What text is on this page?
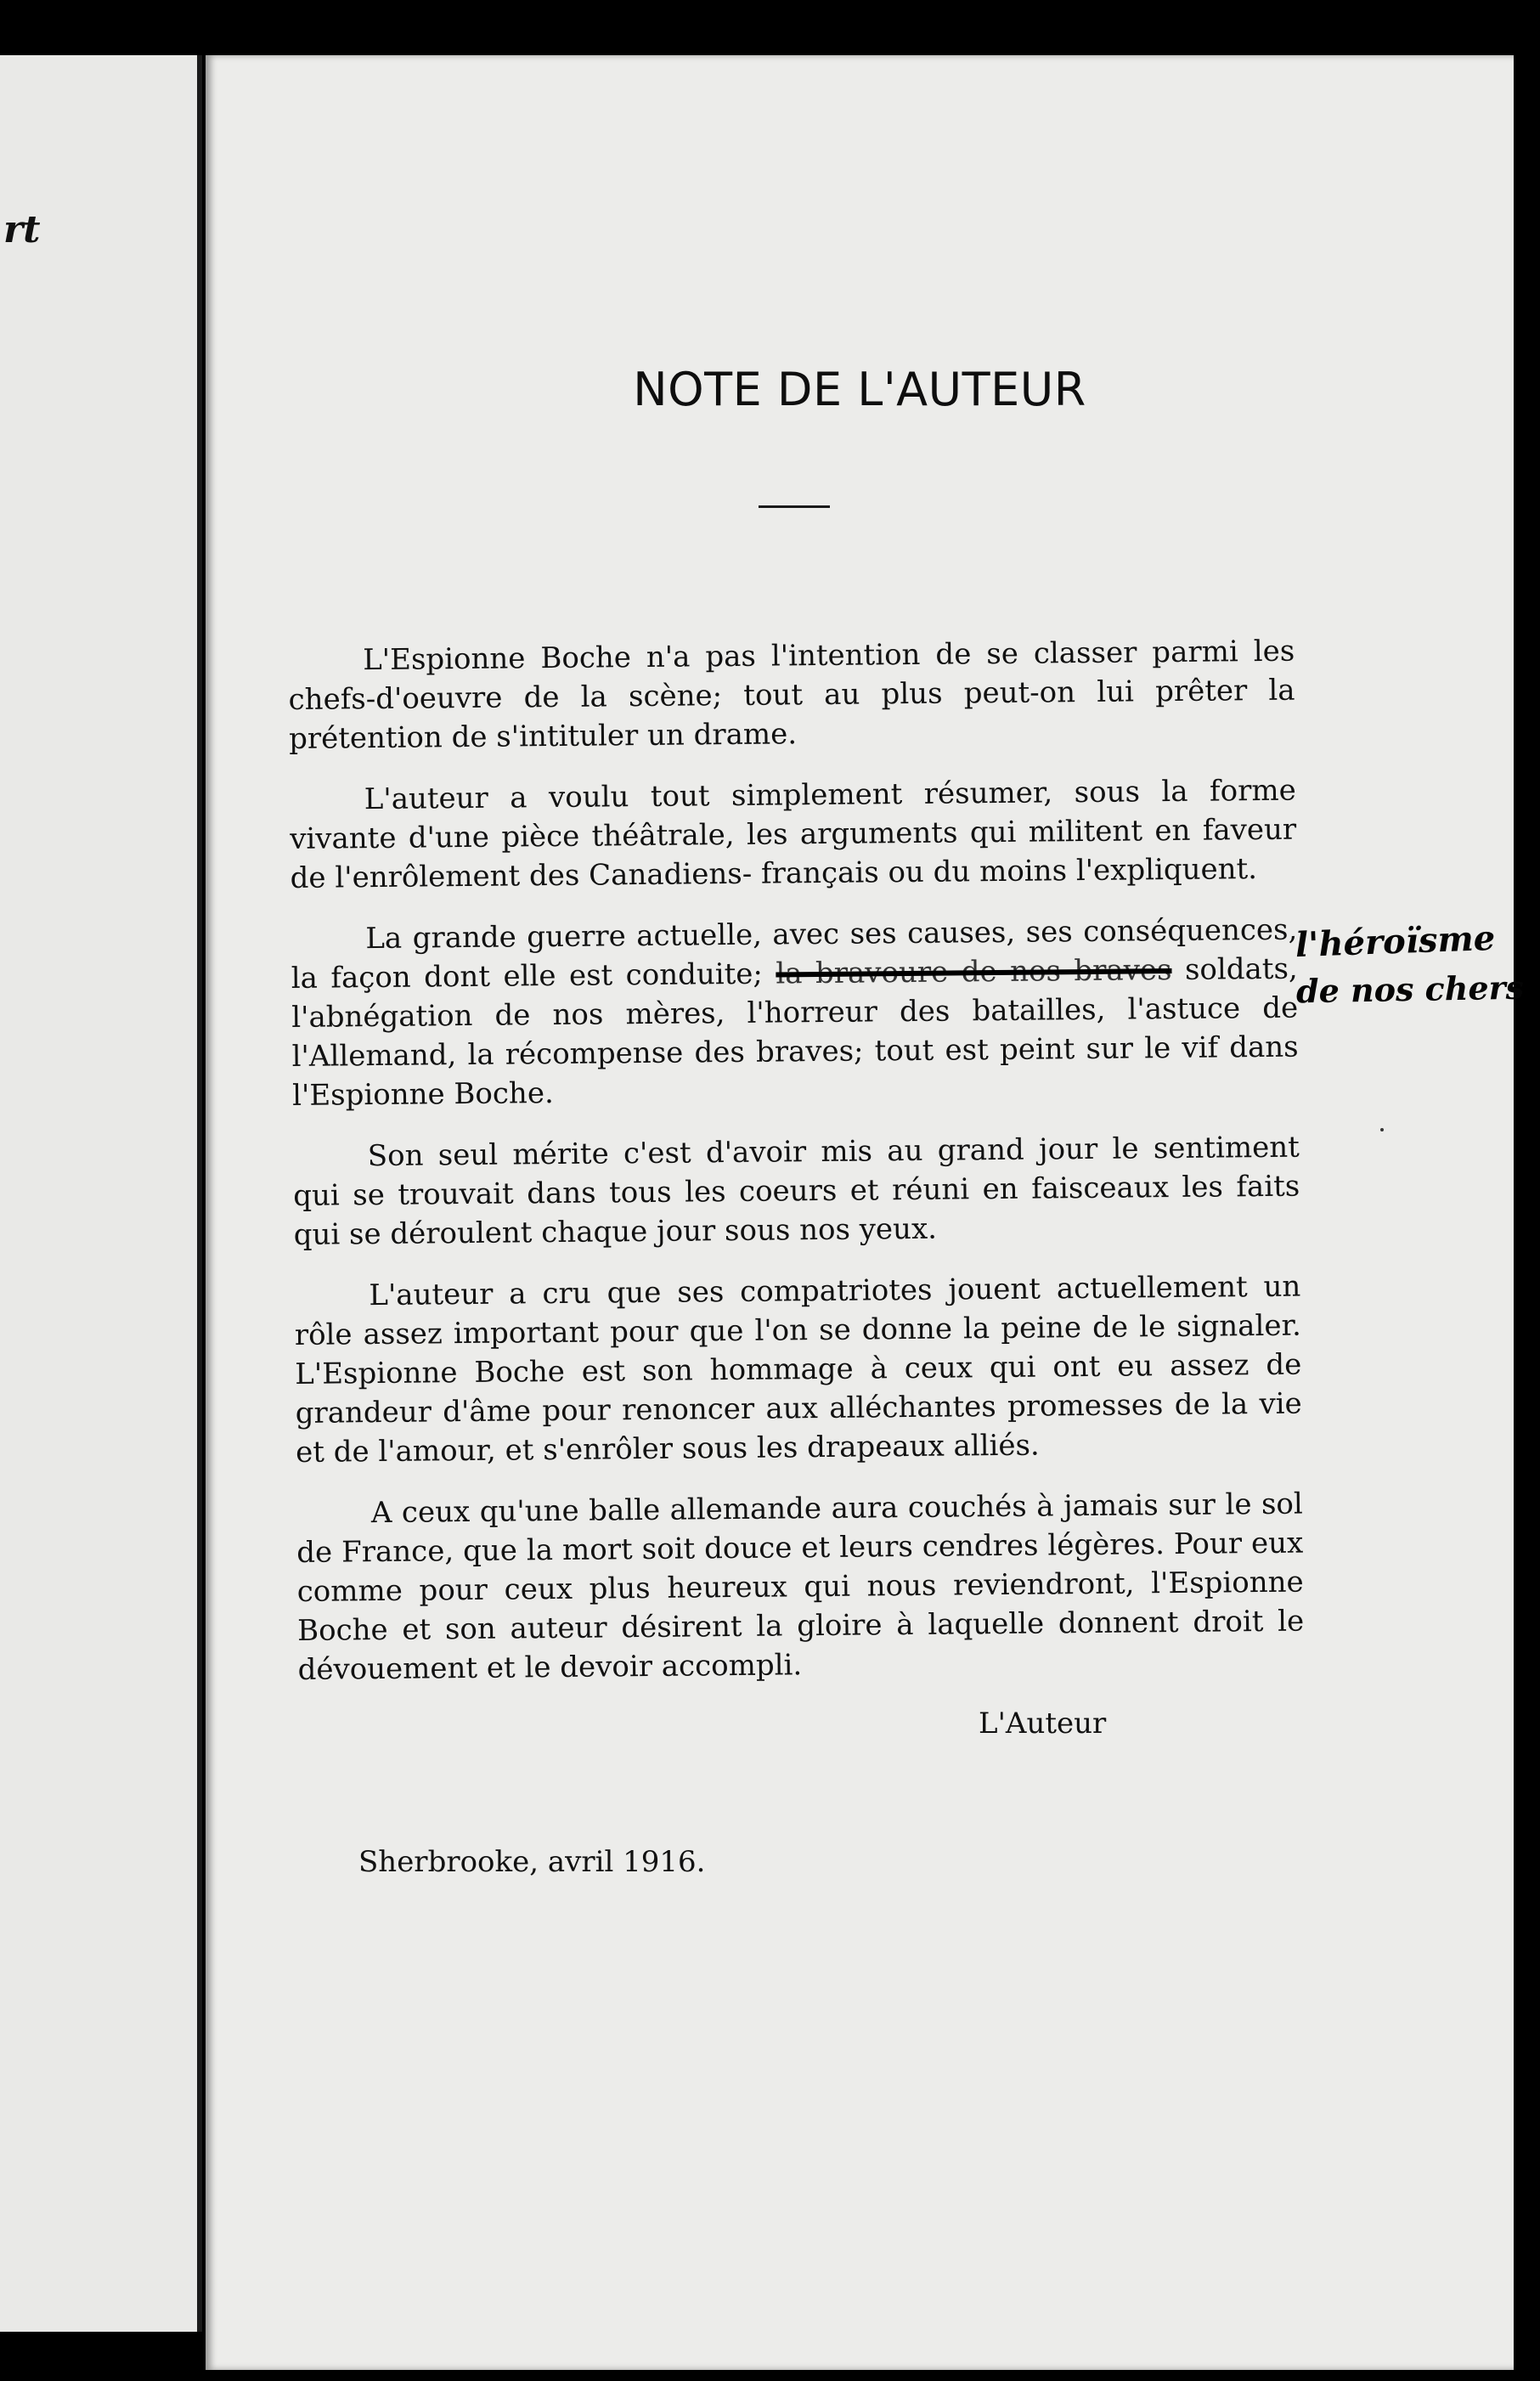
rt
NOTE DE L'AUTEUR

L'Espionne Boche n'a pas l'intention de se classer parmi les chefs-d'oeuvre de la scène; tout au plus peut-on lui prêter la prétention de s'intituler un drame.

L'auteur a voulu tout simplement résumer, sous la forme vivante d'une pièce théâtrale, les arguments qui militent en faveur de l'enrôlement des Canadiens- français ou du moins l'expliquent.

La grande guerre actuelle, avec ses causes, ses conséquences, la façon dont elle est conduite; la bravoure de nos braves soldats, l'abnégation de nos mères, l'horreur des batailles, l'astuce de l'Allemand, la récompense des braves; tout est peint sur le vif dans l'Espionne Boche.

Son seul mérite c'est d'avoir mis au grand jour le sentiment qui se trouvait dans tous les coeurs et réuni en faisceaux les faits qui se déroulent chaque jour sous nos yeux.

L'auteur a cru que ses compatriotes jouent actuellement un rôle assez important pour que l'on se donne la peine de le signaler. L'Espionne Boche est son hommage à ceux qui ont eu assez de grandeur d'âme pour renoncer aux alléchantes promesses de la vie et de l'amour, et s'enrôler sous les drapeaux alliés.

A ceux qu'une balle allemande aura couchés à jamais sur le sol de France, que la mort soit douce et leurs cendres légères. Pour eux comme pour ceux plus heureux qui nous reviendront, l'Espionne Boche et son auteur désirent la gloire à laquelle donnent droit le dévouement et le devoir accompli.

L'Auteur
Sherbrooke, avril 1916.
l'héroïsme
de nos chers
